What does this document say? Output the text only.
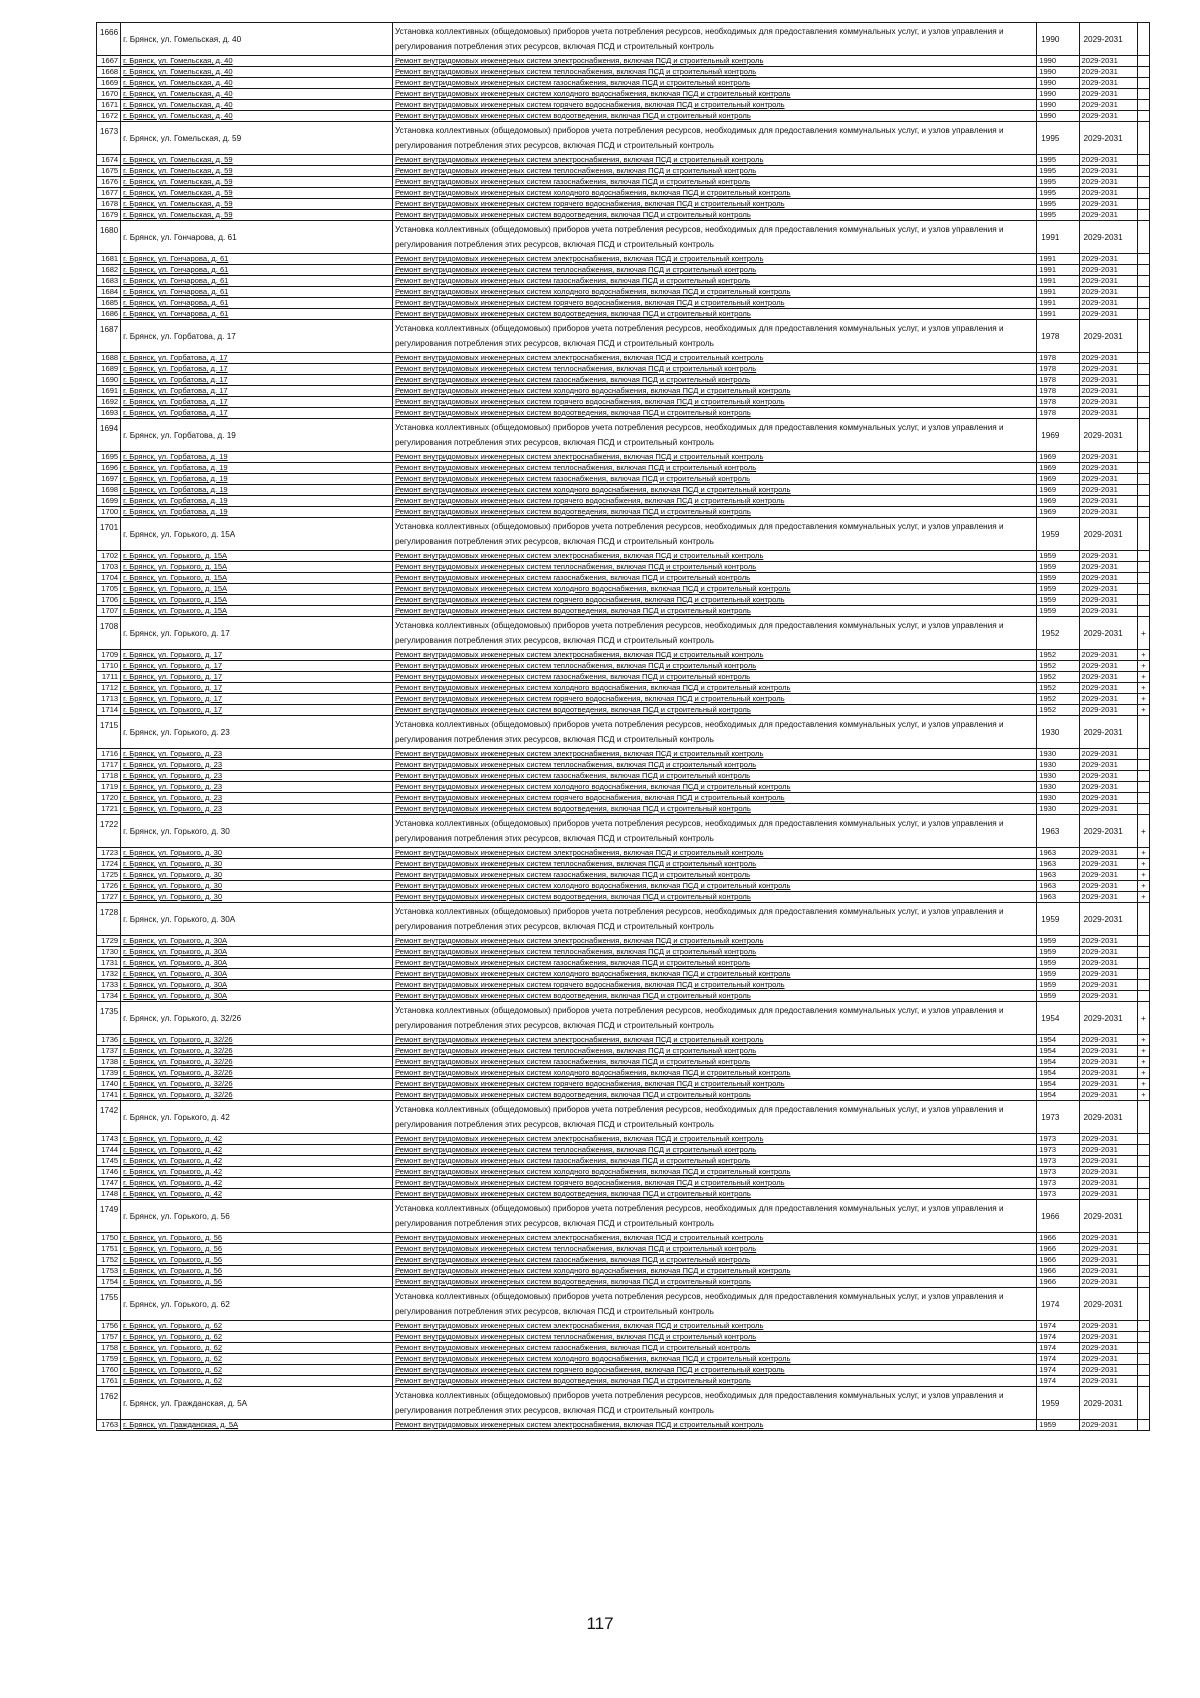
1666	г. Брянск, ул. Гомельская, д. 40	Установка коллективных (общедомовых) приборов учета потребления ресурсов, необходимых для предоставления коммунальных услуг, и узлов управления и регулирования потребления этих ресурсов, включая ПСД и строительный контроль	1990	2029-2031	
1667	г. Брянск, ул. Гомельская, д. 40	Ремонт внутридомовых инженерных систем электроснабжения, включая ПСД и строительный контроль	1990	2029-2031	
1668	г. Брянск, ул. Гомельская, д. 40	Ремонт внутридомовых инженерных систем теплоснабжения, включая ПСД и строительный контроль	1990	2029-2031	
1669	г. Брянск, ул. Гомельская, д. 40	Ремонт внутридомовых инженерных систем газоснабжения, включая ПСД и строительный контроль	1990	2029-2031	
1670	г. Брянск, ул. Гомельская, д. 40	Ремонт внутридомовых инженерных систем холодного водоснабжения, включая ПСД и строительный контроль	1990	2029-2031	
1671	г. Брянск, ул. Гомельская, д. 40	Ремонт внутридомовых инженерных систем горячего водоснабжения, включая ПСД и строительный контроль	1990	2029-2031	
1672	г. Брянск, ул. Гомельская, д. 40	Ремонт внутридомовых инженерных систем водоотведения, включая ПСД и строительный контроль	1990	2029-2031	
1673	г. Брянск, ул. Гомельская, д. 59	Установка коллективных (общедомовых) приборов учета потребления ресурсов, необходимых для предоставления коммунальных услуг, и узлов управления и регулирования потребления этих ресурсов, включая ПСД и строительный контроль	1995	2029-2031	
1674	г. Брянск, ул. Гомельская, д. 59	Ремонт внутридомовых инженерных систем электроснабжения, включая ПСД и строительный контроль	1995	2029-2031	
1675	г. Брянск, ул. Гомельская, д. 59	Ремонт внутридомовых инженерных систем теплоснабжения, включая ПСД и строительный контроль	1995	2029-2031	
1676	г. Брянск, ул. Гомельская, д. 59	Ремонт внутридомовых инженерных систем газоснабжения, включая ПСД и строительный контроль	1995	2029-2031	
1677	г. Брянск, ул. Гомельская, д. 59	Ремонт внутридомовых инженерных систем холодного водоснабжения, включая ПСД и строительный контроль	1995	2029-2031	
1678	г. Брянск, ул. Гомельская, д. 59	Ремонт внутридомовых инженерных систем горячего водоснабжения, включая ПСД и строительный контроль	1995	2029-2031	
1679	г. Брянск, ул. Гомельская, д. 59	Ремонт внутридомовых инженерных систем водоотведения, включая ПСД и строительный контроль	1995	2029-2031	
1680	г. Брянск, ул. Гончарова, д. 61	Установка коллективных (общедомовых) приборов учета потребления ресурсов, необходимых для предоставления коммунальных услуг, и узлов управления и регулирования потребления этих ресурсов, включая ПСД и строительный контроль	1991	2029-2031	
1681	г. Брянск, ул. Гончарова, д. 61	Ремонт внутридомовых инженерных систем электроснабжения, включая ПСД и строительный контроль	1991	2029-2031	
1682	г. Брянск, ул. Гончарова, д. 61	Ремонт внутридомовых инженерных систем теплоснабжения, включая ПСД и строительный контроль	1991	2029-2031	
1683	г. Брянск, ул. Гончарова, д. 61	Ремонт внутридомовых инженерных систем газоснабжения, включая ПСД и строительный контроль	1991	2029-2031	
1684	г. Брянск, ул. Гончарова, д. 61	Ремонт внутридомовых инженерных систем холодного водоснабжения, включая ПСД и строительный контроль	1991	2029-2031	
1685	г. Брянск, ул. Гончарова, д. 61	Ремонт внутридомовых инженерных систем горячего водоснабжения, включая ПСД и строительный контроль	1991	2029-2031	
1686	г. Брянск, ул. Гончарова, д. 61	Ремонт внутридомовых инженерных систем водоотведения, включая ПСД и строительный контроль	1991	2029-2031	
1687	г. Брянск, ул. Горбатова, д. 17	Установка коллективных (общедомовых) приборов учета потребления ресурсов, необходимых для предоставления коммунальных услуг, и узлов управления и регулирования потребления этих ресурсов, включая ПСД и строительный контроль	1978	2029-2031	
1688	г. Брянск, ул. Горбатова, д. 17	Ремонт внутридомовых инженерных систем электроснабжения, включая ПСД и строительный контроль	1978	2029-2031	
1689	г. Брянск, ул. Горбатова, д. 17	Ремонт внутридомовых инженерных систем теплоснабжения, включая ПСД и строительный контроль	1978	2029-2031	
1690	г. Брянск, ул. Горбатова, д. 17	Ремонт внутридомовых инженерных систем газоснабжения, включая ПСД и строительный контроль	1978	2029-2031	
1691	г. Брянск, ул. Горбатова, д. 17	Ремонт внутридомовых инженерных систем холодного водоснабжения, включая ПСД и строительный контроль	1978	2029-2031	
1692	г. Брянск, ул. Горбатова, д. 17	Ремонт внутридомовых инженерных систем горячего водоснабжения, включая ПСД и строительный контроль	1978	2029-2031	
1693	г. Брянск, ул. Горбатова, д. 17	Ремонт внутридомовых инженерных систем водоотведения, включая ПСД и строительный контроль	1978	2029-2031	
1694	г. Брянск, ул. Горбатова, д. 19	Установка коллективных (общедомовых) приборов учета потребления ресурсов, необходимых для предоставления коммунальных услуг, и узлов управления и регулирования потребления этих ресурсов, включая ПСД и строительный контроль	1969	2029-2031	
1695	г. Брянск, ул. Горбатова, д. 19	Ремонт внутридомовых инженерных систем электроснабжения, включая ПСД и строительный контроль	1969	2029-2031	
1696	г. Брянск, ул. Горбатова, д. 19	Ремонт внутридомовых инженерных систем теплоснабжения, включая ПСД и строительный контроль	1969	2029-2031	
1697	г. Брянск, ул. Горбатова, д. 19	Ремонт внутридомовых инженерных систем газоснабжения, включая ПСД и строительный контроль	1969	2029-2031	
1698	г. Брянск, ул. Горбатова, д. 19	Ремонт внутридомовых инженерных систем холодного водоснабжения, включая ПСД и строительный контроль	1969	2029-2031	
1699	г. Брянск, ул. Горбатова, д. 19	Ремонт внутридомовых инженерных систем горячего водоснабжения, включая ПСД и строительный контроль	1969	2029-2031	
1700	г. Брянск, ул. Горбатова, д. 19	Ремонт внутридомовых инженерных систем водоотведения, включая ПСД и строительный контроль	1969	2029-2031	
1701	г. Брянск, ул. Горького, д. 15А	Установка коллективных (общедомовых) приборов учета потребления ресурсов, необходимых для предоставления коммунальных услуг, и узлов управления и регулирования потребления этих ресурсов, включая ПСД и строительный контроль	1959	2029-2031	
1702	г. Брянск, ул. Горького, д. 15А	Ремонт внутридомовых инженерных систем электроснабжения, включая ПСД и строительный контроль	1959	2029-2031	
1703	г. Брянск, ул. Горького, д. 15А	Ремонт внутридомовых инженерных систем теплоснабжения, включая ПСД и строительный контроль	1959	2029-2031	
1704	г. Брянск, ул. Горького, д. 15А	Ремонт внутридомовых инженерных систем газоснабжения, включая ПСД и строительный контроль	1959	2029-2031	
1705	г. Брянск, ул. Горького, д. 15А	Ремонт внутридомовых инженерных систем холодного водоснабжения, включая ПСД и строительный контроль	1959	2029-2031	
1706	г. Брянск, ул. Горького, д. 15А	Ремонт внутридомовых инженерных систем горячего водоснабжения, включая ПСД и строительный контроль	1959	2029-2031	
1707	г. Брянск, ул. Горького, д. 15А	Ремонт внутридомовых инженерных систем водоотведения, включая ПСД и строительный контроль	1959	2029-2031	
1708	г. Брянск, ул. Горького, д. 17	Установка коллективных (общедомовых) приборов учета потребления ресурсов, необходимых для предоставления коммунальных услуг, и узлов управления и регулирования потребления этих ресурсов, включая ПСД и строительный контроль	1952	2029-2031	+
1709	г. Брянск, ул. Горького, д. 17	Ремонт внутридомовых инженерных систем электроснабжения, включая ПСД и строительный контроль	1952	2029-2031	+
1710	г. Брянск, ул. Горького, д. 17	Ремонт внутридомовых инженерных систем теплоснабжения, включая ПСД и строительный контроль	1952	2029-2031	+
1711	г. Брянск, ул. Горького, д. 17	Ремонт внутридомовых инженерных систем газоснабжения, включая ПСД и строительный контроль	1952	2029-2031	+
1712	г. Брянск, ул. Горького, д. 17	Ремонт внутридомовых инженерных систем холодного водоснабжения, включая ПСД и строительный контроль	1952	2029-2031	+
1713	г. Брянск, ул. Горького, д. 17	Ремонт внутридомовых инженерных систем горячего водоснабжения, включая ПСД и строительный контроль	1952	2029-2031	+
1714	г. Брянск, ул. Горького, д. 17	Ремонт внутридомовых инженерных систем водоотведения, включая ПСД и строительный контроль	1952	2029-2031	+
1715	г. Брянск, ул. Горького, д. 23	Установка коллективных (общедомовых) приборов учета потребления ресурсов, необходимых для предоставления коммунальных услуг, и узлов управления и регулирования потребления этих ресурсов, включая ПСД и строительный контроль	1930	2029-2031	
1716	г. Брянск, ул. Горького, д. 23	Ремонт внутридомовых инженерных систем электроснабжения, включая ПСД и строительный контроль	1930	2029-2031	
1717	г. Брянск, ул. Горького, д. 23	Ремонт внутридомовых инженерных систем теплоснабжения, включая ПСД и строительный контроль	1930	2029-2031	
1718	г. Брянск, ул. Горького, д. 23	Ремонт внутридомовых инженерных систем газоснабжения, включая ПСД и строительный контроль	1930	2029-2031	
1719	г. Брянск, ул. Горького, д. 23	Ремонт внутридомовых инженерных систем холодного водоснабжения, включая ПСД и строительный контроль	1930	2029-2031	
1720	г. Брянск, ул. Горького, д. 23	Ремонт внутридомовых инженерных систем горячего водоснабжения, включая ПСД и строительный контроль	1930	2029-2031	
1721	г. Брянск, ул. Горького, д. 23	Ремонт внутридомовых инженерных систем водоотведения, включая ПСД и строительный контроль	1930	2029-2031	
1722	г. Брянск, ул. Горького, д. 30	Установка коллективных (общедомовых) приборов учета потребления ресурсов, необходимых для предоставления коммунальных услуг, и узлов управления и регулирования потребления этих ресурсов, включая ПСД и строительный контроль	1963	2029-2031	+
1723	г. Брянск, ул. Горького, д. 30	Ремонт внутридомовых инженерных систем электроснабжения, включая ПСД и строительный контроль	1963	2029-2031	+
1724	г. Брянск, ул. Горького, д. 30	Ремонт внутридомовых инженерных систем теплоснабжения, включая ПСД и строительный контроль	1963	2029-2031	+
1725	г. Брянск, ул. Горького, д. 30	Ремонт внутридомовых инженерных систем газоснабжения, включая ПСД и строительный контроль	1963	2029-2031	+
1726	г. Брянск, ул. Горького, д. 30	Ремонт внутридомовых инженерных систем холодного водоснабжения, включая ПСД и строительный контроль	1963	2029-2031	+
1727	г. Брянск, ул. Горького, д. 30	Ремонт внутридомовых инженерных систем водоотведения, включая ПСД и строительный контроль	1963	2029-2031	+
1728	г. Брянск, ул. Горького, д. 30А	Установка коллективных (общедомовых) приборов учета потребления ресурсов, необходимых для предоставления коммунальных услуг, и узлов управления и регулирования потребления этих ресурсов, включая ПСД и строительный контроль	1959	2029-2031	
1729	г. Брянск, ул. Горького, д. 30А	Ремонт внутридомовых инженерных систем электроснабжения, включая ПСД и строительный контроль	1959	2029-2031	
1730	г. Брянск, ул. Горького, д. 30А	Ремонт внутридомовых инженерных систем теплоснабжения, включая ПСД и строительный контроль	1959	2029-2031	
1731	г. Брянск, ул. Горького, д. 30А	Ремонт внутридомовых инженерных систем газоснабжения, включая ПСД и строительный контроль	1959	2029-2031	
1732	г. Брянск, ул. Горького, д. 30А	Ремонт внутридомовых инженерных систем холодного водоснабжения, включая ПСД и строительный контроль	1959	2029-2031	
1733	г. Брянск, ул. Горького, д. 30А	Ремонт внутридомовых инженерных систем горячего водоснабжения, включая ПСД и строительный контроль	1959	2029-2031	
1734	г. Брянск, ул. Горького, д. 30А	Ремонт внутридомовых инженерных систем водоотведения, включая ПСД и строительный контроль	1959	2029-2031	
1735	г. Брянск, ул. Горького, д. 32/26	Установка коллективных (общедомовых) приборов учета потребления ресурсов, необходимых для предоставления коммунальных услуг, и узлов управления и регулирования потребления этих ресурсов, включая ПСД и строительный контроль	1954	2029-2031	+
1736	г. Брянск, ул. Горького, д. 32/26	Ремонт внутридомовых инженерных систем электроснабжения, включая ПСД и строительный контроль	1954	2029-2031	+
1737	г. Брянск, ул. Горького, д. 32/26	Ремонт внутридомовых инженерных систем теплоснабжения, включая ПСД и строительный контроль	1954	2029-2031	+
1738	г. Брянск, ул. Горького, д. 32/26	Ремонт внутридомовых инженерных систем газоснабжения, включая ПСД и строительный контроль	1954	2029-2031	+
1739	г. Брянск, ул. Горького, д. 32/26	Ремонт внутридомовых инженерных систем холодного водоснабжения, включая ПСД и строительный контроль	1954	2029-2031	+
1740	г. Брянск, ул. Горького, д. 32/26	Ремонт внутридомовых инженерных систем горячего водоснабжения, включая ПСД и строительный контроль	1954	2029-2031	+
1741	г. Брянск, ул. Горького, д. 32/26	Ремонт внутридомовых инженерных систем водоотведения, включая ПСД и строительный контроль	1954	2029-2031	+
1742	г. Брянск, ул. Горького, д. 42	Установка коллективных (общедомовых) приборов учета потребления ресурсов, необходимых для предоставления коммунальных услуг, и узлов управления и регулирования потребления этих ресурсов, включая ПСД и строительный контроль	1973	2029-2031	
1743	г. Брянск, ул. Горького, д. 42	Ремонт внутридомовых инженерных систем электроснабжения, включая ПСД и строительный контроль	1973	2029-2031	
1744	г. Брянск, ул. Горького, д. 42	Ремонт внутридомовых инженерных систем теплоснабжения, включая ПСД и строительный контроль	1973	2029-2031	
1745	г. Брянск, ул. Горького, д. 42	Ремонт внутридомовых инженерных систем газоснабжения, включая ПСД и строительный контроль	1973	2029-2031	
1746	г. Брянск, ул. Горького, д. 42	Ремонт внутридомовых инженерных систем холодного водоснабжения, включая ПСД и строительный контроль	1973	2029-2031	
1747	г. Брянск, ул. Горького, д. 42	Ремонт внутридомовых инженерных систем горячего водоснабжения, включая ПСД и строительный контроль	1973	2029-2031	
1748	г. Брянск, ул. Горького, д. 42	Ремонт внутридомовых инженерных систем водоотведения, включая ПСД и строительный контроль	1973	2029-2031	
1749	г. Брянск, ул. Горького, д. 56	Установка коллективных (общедомовых) приборов учета потребления ресурсов, необходимых для предоставления коммунальных услуг, и узлов управления и регулирования потребления этих ресурсов, включая ПСД и строительный контроль	1966	2029-2031	
1750	г. Брянск, ул. Горького, д. 56	Ремонт внутридомовых инженерных систем электроснабжения, включая ПСД и строительный контроль	1966	2029-2031	
1751	г. Брянск, ул. Горького, д. 56	Ремонт внутридомовых инженерных систем теплоснабжения, включая ПСД и строительный контроль	1966	2029-2031	
1752	г. Брянск, ул. Горького, д. 56	Ремонт внутридомовых инженерных систем газоснабжения, включая ПСД и строительный контроль	1966	2029-2031	
1753	г. Брянск, ул. Горького, д. 56	Ремонт внутридомовых инженерных систем холодного водоснабжения, включая ПСД и строительный контроль	1966	2029-2031	
1754	г. Брянск, ул. Горького, д. 56	Ремонт внутридомовых инженерных систем водоотведения, включая ПСД и строительный контроль	1966	2029-2031	
1755	г. Брянск, ул. Горького, д. 62	Установка коллективных (общедомовых) приборов учета потребления ресурсов, необходимых для предоставления коммунальных услуг, и узлов управления и регулирования потребления этих ресурсов, включая ПСД и строительный контроль	1974	2029-2031	
1756	г. Брянск, ул. Горького, д. 62	Ремонт внутридомовых инженерных систем электроснабжения, включая ПСД и строительный контроль	1974	2029-2031	
1757	г. Брянск, ул. Горького, д. 62	Ремонт внутридомовых инженерных систем теплоснабжения, включая ПСД и строительный контроль	1974	2029-2031	
1758	г. Брянск, ул. Горького, д. 62	Ремонт внутридомовых инженерных систем газоснабжения, включая ПСД и строительный контроль	1974	2029-2031	
1759	г. Брянск, ул. Горького, д. 62	Ремонт внутридомовых инженерных систем холодного водоснабжения, включая ПСД и строительный контроль	1974	2029-2031	
1760	г. Брянск, ул. Горького, д. 62	Ремонт внутридомовых инженерных систем горячего водоснабжения, включая ПСД и строительный контроль	1974	2029-2031	
1761	г. Брянск, ул. Горького, д. 62	Ремонт внутридомовых инженерных систем водоотведения, включая ПСД и строительный контроль	1974	2029-2031	
1762	г. Брянск, ул. Гражданская, д. 5А	Установка коллективных (общедомовых) приборов учета потребления ресурсов, необходимых для предоставления коммунальных услуг, и узлов управления и регулирования потребления этих ресурсов, включая ПСД и строительный контроль	1959	2029-2031	
1763	г. Брянск, ул. Гражданская, д. 5А	Ремонт внутридомовых инженерных систем электроснабжения, включая ПСД и строительный контроль	1959	2029-2031	
117
